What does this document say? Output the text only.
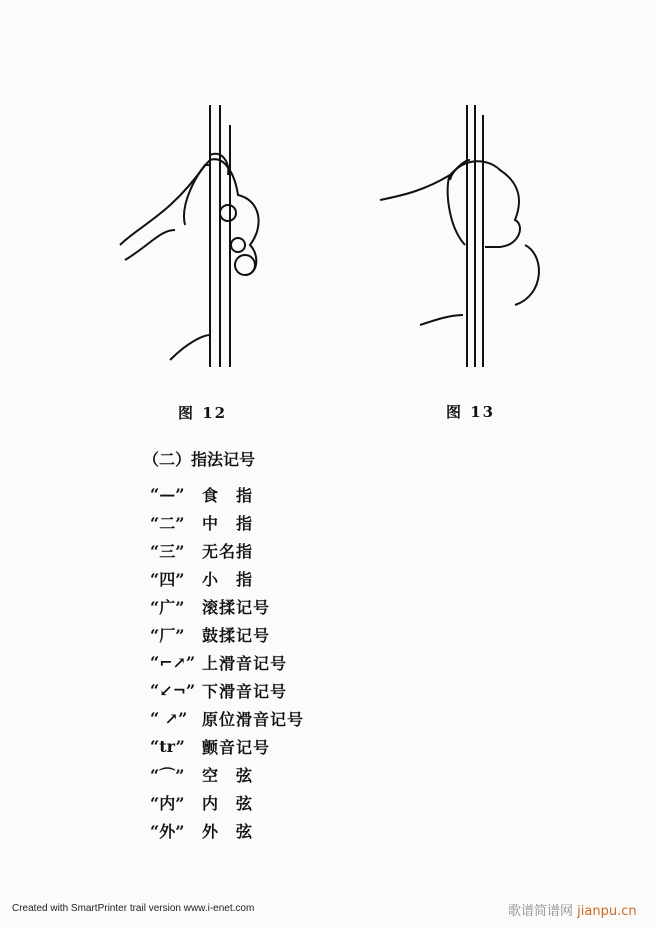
图 12	图 13
（二）指法记号
“—”	食　指
“二”	中　指
“三”	无名指
“四”	小　指
“广”	滚揉记号
“厂”	鼓揉记号
“⌐↗” 上滑音记号
“↙¬” 下滑音记号
“ ↗” 原位滑音记号
“tr”	颤音记号
“⌒”	空　弦
“内”	内　弦
“外”	外　弦
Created with SmartPrinter trail version www.i-enet.com	歌谱简谱网 jianpu.cn
